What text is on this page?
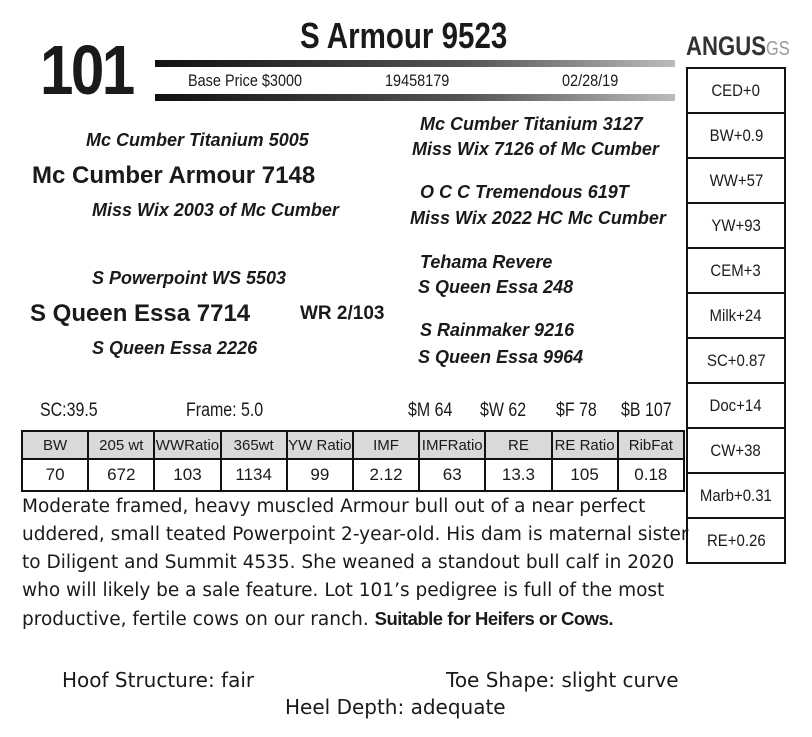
101	S Armour 9523
Base Price $3000	19458179	02/28/19
ANGUSGS
CED+0
BW+0.9
WW+57
YW+93
CEM+3
Milk+24
SC+0.87
Doc+14
CW+38
Marb+0.31
RE+0.26
Mc Cumber Titanium 5005
Mc Cumber Armour 7148
Miss Wix 2003 of Mc Cumber
Mc Cumber Titanium 3127
Miss Wix 7126 of Mc Cumber
O C C Tremendous 619T
Miss Wix 2022 HC Mc Cumber
S Powerpoint WS 5503
S Queen Essa 7714	WR 2/103
S Queen Essa 2226
Tehama Revere
S Queen Essa 248
S Rainmaker 9216
S Queen Essa 9964
SC:39.5	Frame: 5.0	$M 64 $W 62 $F 78 $B 107
BW	205 wt	WWRatio	365wt	YW Ratio	IMF	IMFRatio	RE	RE Ratio	RibFat
70	672	103	1134	99	2.12	63	13.3	105	0.18
Moderate framed, heavy muscled Armour bull out of a near perfect uddered, small teated Powerpoint 2-year-old. His dam is maternal sister to Diligent and Summit 4535. She weaned a standout bull calf in 2020 who will likely be a sale feature. Lot 101’s pedigree is full of the most productive, fertile cows on our ranch. Suitable for Heifers or Cows.
Hoof Structure: fair	Toe Shape: slight curve
Heel Depth: adequate
